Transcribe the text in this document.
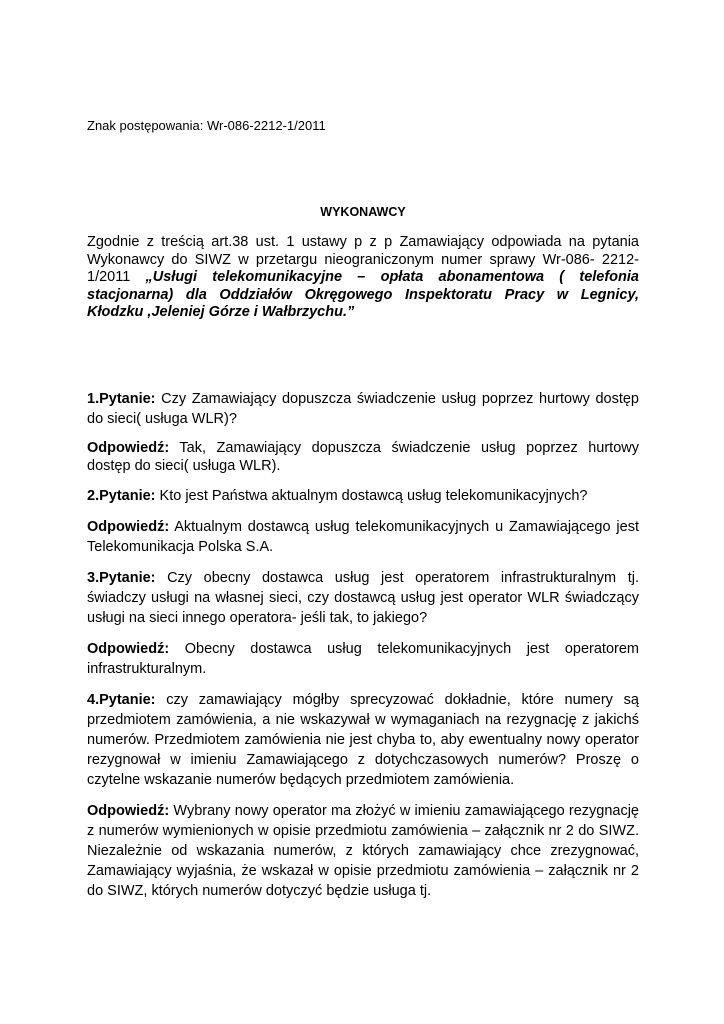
Znak postępowania: Wr-086-2212-1/2011
WYKONAWCY
Zgodnie z treścią art.38 ust. 1 ustawy p z p Zamawiający odpowiada na pytania Wykonawcy do SIWZ w przetargu nieograniczonym numer sprawy Wr-086- 2212-1/2011 „Usługi telekomunikacyjne – opłata abonamentowa ( telefonia stacjonarna) dla Oddziałów Okręgowego Inspektoratu Pracy w Legnicy, Kłodzku ,Jeleniej Górze i Wałbrzychu.”

1.Pytanie: Czy Zamawiający dopuszcza świadczenie usług poprzez hurtowy dostęp do sieci( usługa WLR)?

Odpowiedź: Tak, Zamawiający dopuszcza świadczenie usług poprzez hurtowy dostęp do sieci( usługa WLR).

2.Pytanie: Kto jest Państwa aktualnym dostawcą usług telekomunikacyjnych?

Odpowiedź: Aktualnym dostawcą usług telekomunikacyjnych u Zamawiającego jest Telekomunikacja Polska S.A.

3.Pytanie: Czy obecny dostawca usług jest operatorem infrastrukturalnym tj. świadczy usługi na własnej sieci, czy dostawcą usług jest operator WLR świadczący usługi na sieci innego operatora- jeśli tak, to jakiego?

Odpowiedź: Obecny dostawca usług telekomunikacyjnych jest operatorem infrastrukturalnym.

4.Pytanie: czy zamawiający mógłby sprecyzować dokładnie, które numery są przedmiotem zamówienia, a nie wskazywał w wymaganiach na rezygnację z jakichś numerów. Przedmiotem zamówienia nie jest chyba to, aby ewentualny nowy operator rezygnował w imieniu Zamawiającego z dotychczasowych numerów? Proszę o czytelne wskazanie numerów będących przedmiotem zamówienia.

Odpowiedź: Wybrany nowy operator ma złożyć w imieniu zamawiającego rezygnację z numerów wymienionych w opisie przedmiotu zamówienia – załącznik nr 2 do SIWZ. Niezależnie od wskazania numerów, z których zamawiający chce zrezygnować, Zamawiający wyjaśnia, że wskazał w opisie przedmiotu zamówienia – załącznik nr 2 do SIWZ, których numerów dotyczyć będzie usługa tj.
